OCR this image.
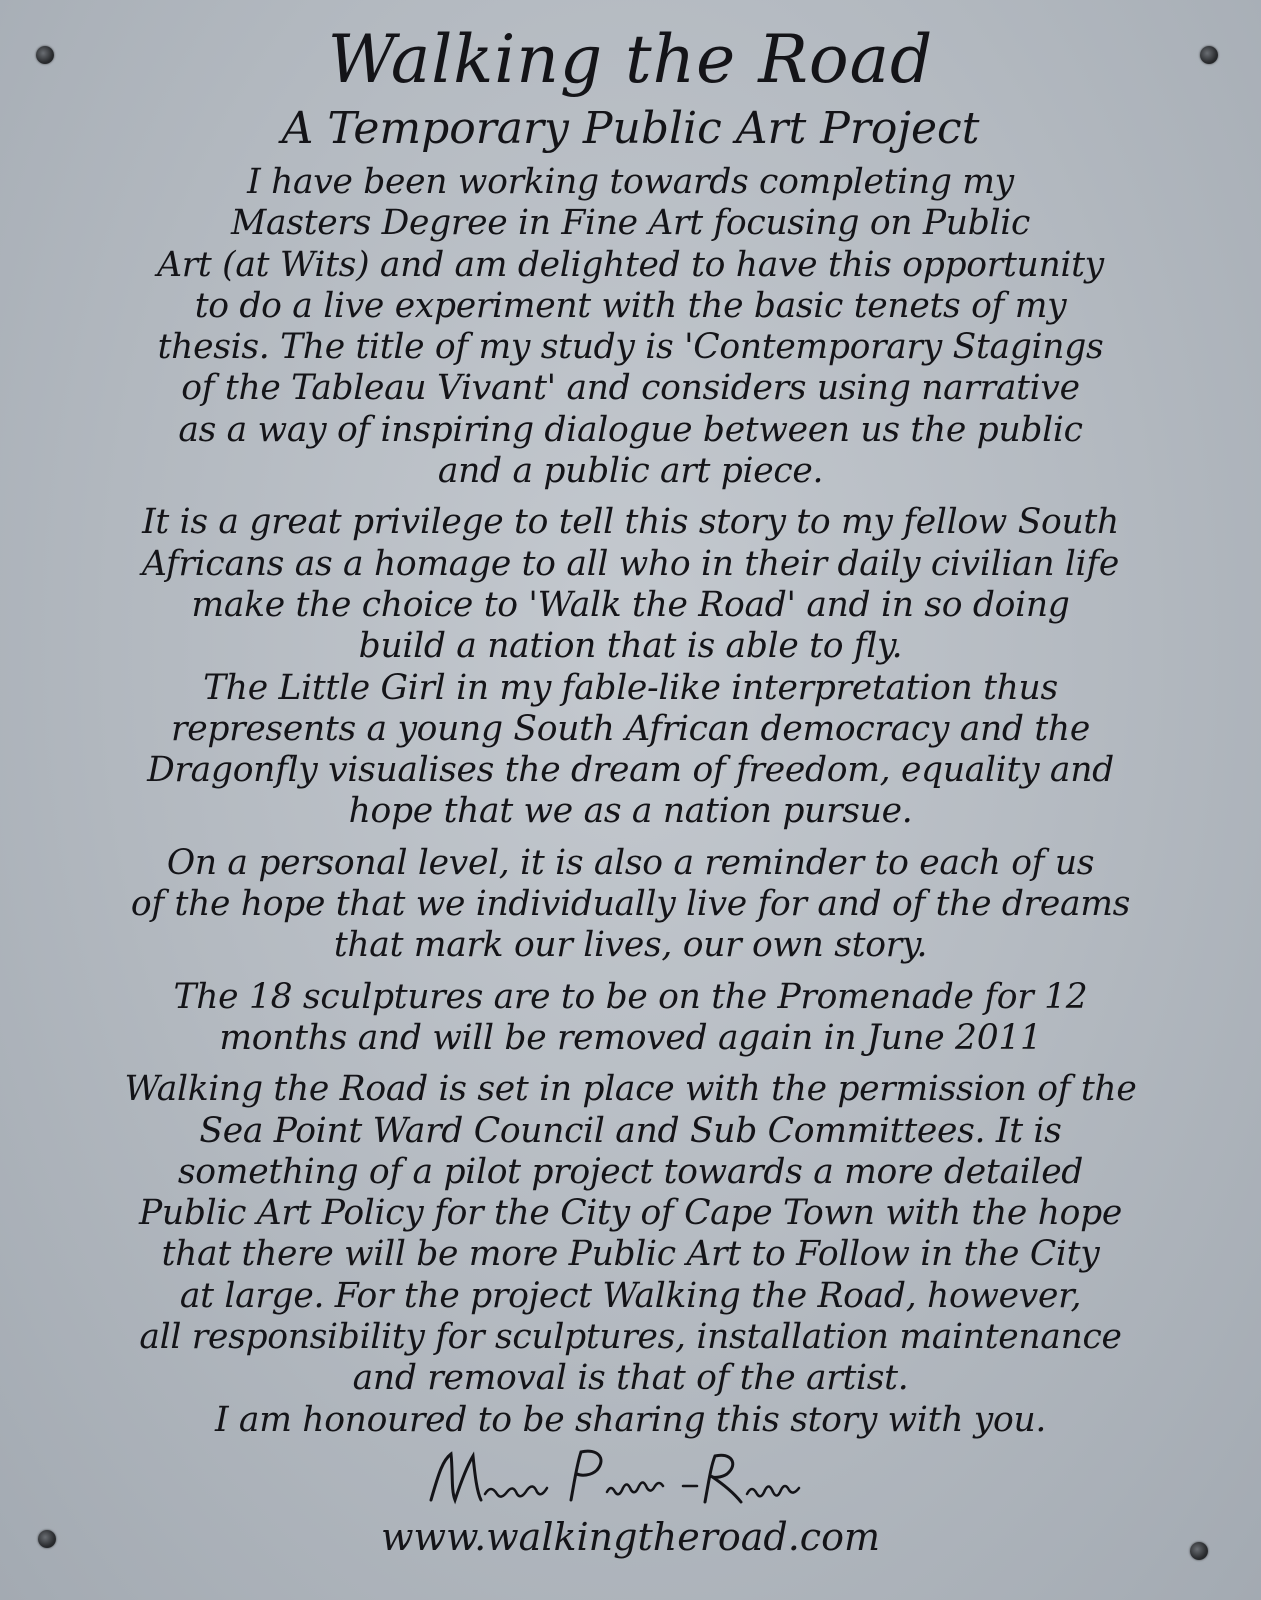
Walking the Road
A Temporary Public Art Project
I have been working towards completing my
Masters Degree in Fine Art focusing on Public
Art (at Wits) and am delighted to have this opportunity
to do a live experiment with the basic tenets of my
thesis. The title of my study is 'Contemporary Stagings
of the Tableau Vivant' and considers using narrative
as a way of inspiring dialogue between us the public
and a public art piece.
It is a great privilege to tell this story to my fellow South
Africans as a homage to all who in their daily civilian life
make the choice to 'Walk the Road' and in so doing
build a nation that is able to fly.
The Little Girl in my fable-like interpretation thus
represents a young South African democracy and the
Dragonfly visualises the dream of freedom, equality and
hope that we as a nation pursue.
On a personal level, it is also a reminder to each of us
of the hope that we individually live for and of the dreams
that mark our lives, our own story.
The 18 sculptures are to be on the Promenade for 12
months and will be removed again in June 2011
Walking the Road is set in place with the permission of the
Sea Point Ward Council and Sub Committees. It is
something of a pilot project towards a more detailed
Public Art Policy for the City of Cape Town with the hope
that there will be more Public Art to Follow in the City
at large. For the project Walking the Road, however,
all responsibility for sculptures, installation maintenance
and removal is that of the artist.
I am honoured to be sharing this story with you.
www.walkingtheroad.com
